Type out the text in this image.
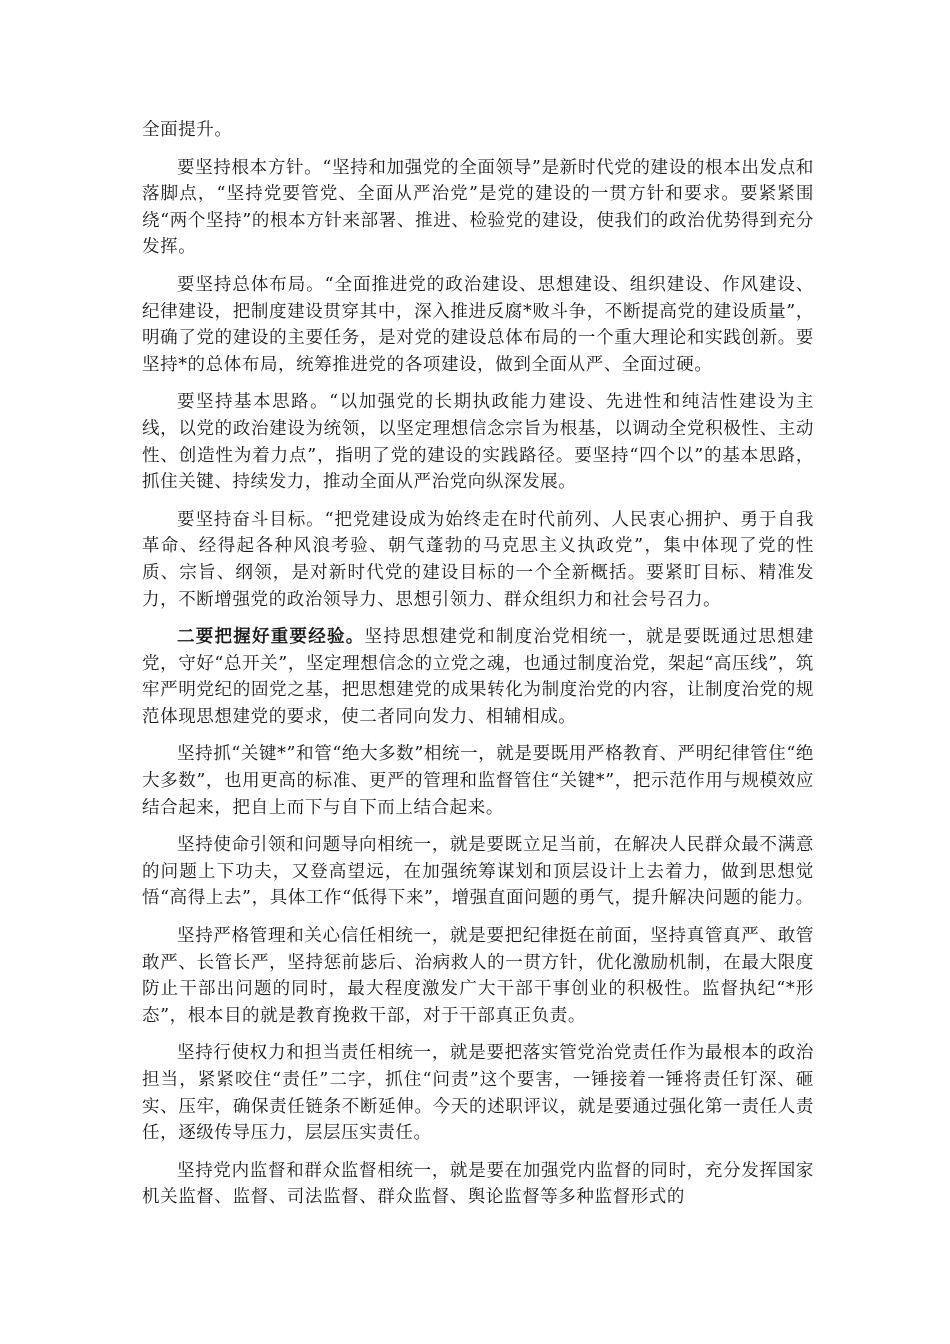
全面提升。

要坚持根本方针。“坚持和加强党的全面领导”是新时代党的建设的根本出发点和落脚点，“坚持党要管党、全面从严治党”是党的建设的一贯方针和要求。要紧紧围绕“两个坚持”的根本方针来部署、推进、检验党的建设，使我们的政治优势得到充分发挥。

要坚持总体布局。“全面推进党的政治建设、思想建设、组织建设、作风建设、纪律建设，把制度建设贯穿其中，深入推进反腐*败斗争，不断提高党的建设质量”，明确了党的建设的主要任务，是对党的建设总体布局的一个重大理论和实践创新。要坚持*的总体布局，统筹推进党的各项建设，做到全面从严、全面过硬。

要坚持基本思路。“以加强党的长期执政能力建设、先进性和纯洁性建设为主线，以党的政治建设为统领，以坚定理想信念宗旨为根基，以调动全党积极性、主动性、创造性为着力点”，指明了党的建设的实践路径。要坚持“四个以”的基本思路，抓住关键、持续发力，推动全面从严治党向纵深发展。

要坚持奋斗目标。“把党建设成为始终走在时代前列、人民衷心拥护、勇于自我革命、经得起各种风浪考验、朝气蓬勃的马克思主义执政党”，集中体现了党的性质、宗旨、纲领，是对新时代党的建设目标的一个全新概括。要紧盯目标、精准发力，不断增强党的政治领导力、思想引领力、群众组织力和社会号召力。

二要把握好重要经验。坚持思想建党和制度治党相统一，就是要既通过思想建党，守好“总开关”，坚定理想信念的立党之魂，也通过制度治党，架起“高压线”，筑牢严明党纪的固党之基，把思想建党的成果转化为制度治党的内容，让制度治党的规范体现思想建党的要求，使二者同向发力、相辅相成。

坚持抓“关键*”和管“绝大多数”相统一，就是要既用严格教育、严明纪律管住“绝大多数”，也用更高的标准、更严的管理和监督管住“关键*”，把示范作用与规模效应结合起来，把自上而下与自下而上结合起来。

坚持使命引领和问题导向相统一，就是要既立足当前，在解决人民群众最不满意的问题上下功夫，又登高望远，在加强统筹谋划和顶层设计上去着力，做到思想觉悟“高得上去”，具体工作“低得下来”，增强直面问题的勇气，提升解决问题的能力。

坚持严格管理和关心信任相统一，就是要把纪律挺在前面，坚持真管真严、敢管敢严、长管长严，坚持惩前毖后、治病救人的一贯方针，优化激励机制，在最大限度防止干部出问题的同时，最大程度激发广大干部干事创业的积极性。监督执纪“*形态”，根本目的就是教育挽救干部，对于干部真正负责。

坚持行使权力和担当责任相统一，就是要把落实管党治党责任作为最根本的政治担当，紧紧咬住“责任”二字，抓住“问责”这个要害，一锤接着一锤将责任钉深、砸实、压牢，确保责任链条不断延伸。今天的述职评议，就是要通过强化第一责任人责任，逐级传导压力，层层压实责任。

坚持党内监督和群众监督相统一，就是要在加强党内监督的同时，充分发挥国家机关监督、监督、司法监督、群众监督、舆论监督等多种监督形式的
